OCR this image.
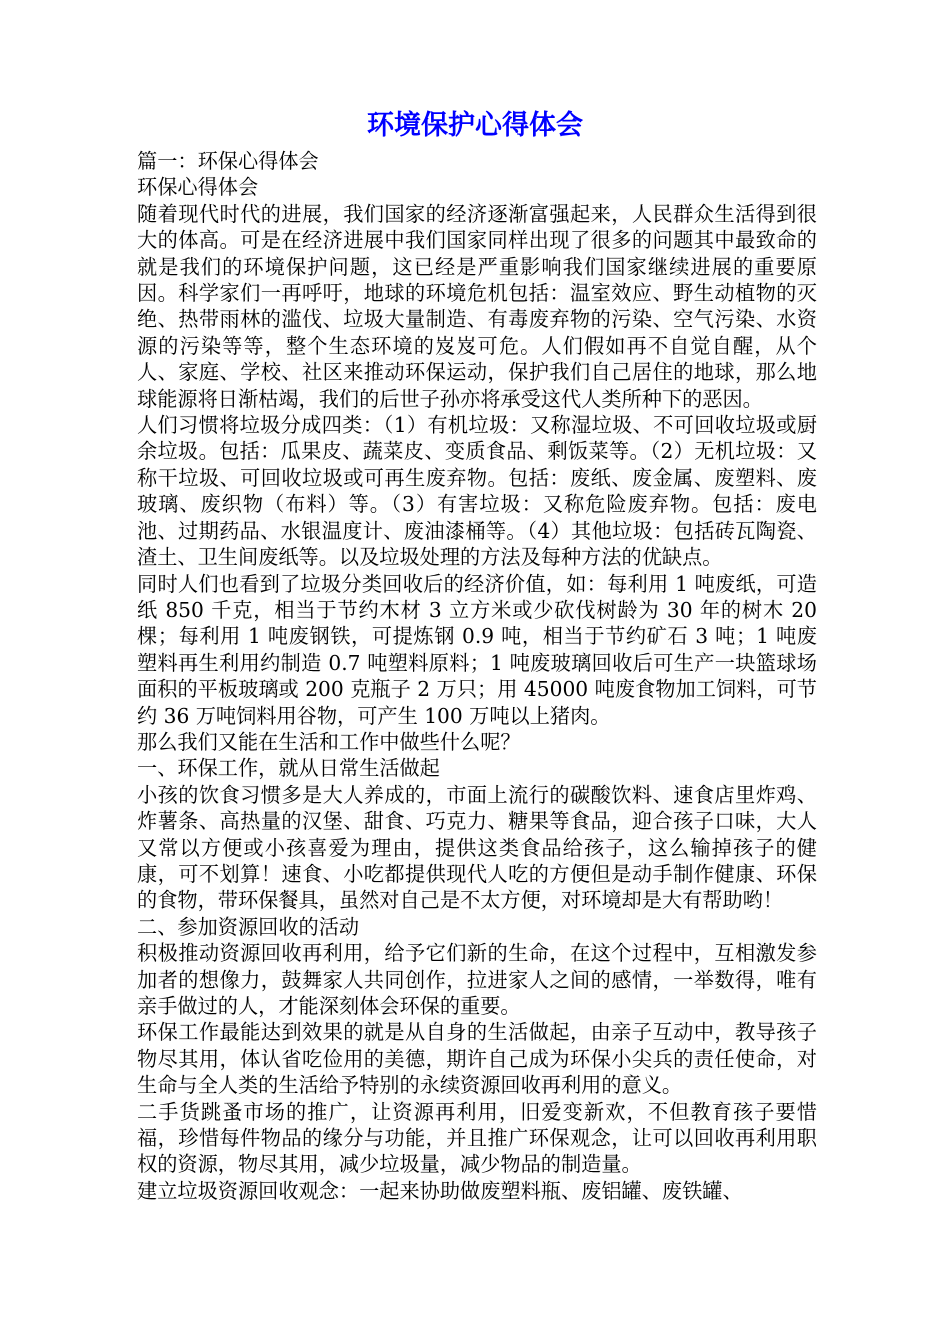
环境保护心得体会

篇一：环保心得体会

环保心得体会

随着现代时代的进展，我们国家的经济逐渐富强起来，人民群众生活得到很大的体高。可是在经济进展中我们国家同样出现了很多的问题其中最致命的就是我们的环境保护问题，这已经是严重影响我们国家继续进展的重要原因。科学家们一再呼吁，地球的环境危机包括：温室效应、野生动植物的灭绝、热带雨林的滥伐、垃圾大量制造、有毒废弃物的污染、空气污染、水资源的污染等等，整个生态环境的岌岌可危。人们假如再不自觉自醒，从个人、家庭、学校、社区来推动环保运动，保护我们自己居住的地球，那么地球能源将日渐枯竭，我们的后世子孙亦将承受这代人类所种下的恶因。

人们习惯将垃圾分成四类：（1）有机垃圾：又称湿垃圾、不可回收垃圾或厨余垃圾。包括：瓜果皮、蔬菜皮、变质食品、剩饭菜等。（2）无机垃圾：又称干垃圾、可回收垃圾或可再生废弃物。包括：废纸、废金属、废塑料、废玻璃、废织物（布料）等。（3）有害垃圾：又称危险废弃物。包括：废电池、过期药品、水银温度计、废油漆桶等。（4）其他垃圾：包括砖瓦陶瓷、渣土、卫生间废纸等。以及垃圾处理的方法及每种方法的优缺点。

同时人们也看到了垃圾分类回收后的经济价值，如：每利用 1 吨废纸，可造纸 850 千克，相当于节约木材 3 立方米或少砍伐树龄为 30 年的树木 20 棵；每利用 1 吨废钢铁，可提炼钢 0.9 吨，相当于节约矿石 3 吨；1 吨废塑料再生利用约制造 0.7 吨塑料原料；1 吨废玻璃回收后可生产一块篮球场面积的平板玻璃或 200 克瓶子 2 万只；用 45000 吨废食物加工饲料，可节约 36 万吨饲料用谷物，可产生 100 万吨以上猪肉。

那么我们又能在生活和工作中做些什么呢？

一、环保工作，就从日常生活做起

小孩的饮食习惯多是大人养成的，市面上流行的碳酸饮料、速食店里炸鸡、炸薯条、高热量的汉堡、甜食、巧克力、糖果等食品，迎合孩子口味，大人又常以方便或小孩喜爱为理由，提供这类食品给孩子，这么输掉孩子的健康，可不划算！速食、小吃都提供现代人吃的方便但是动手制作健康、环保的食物，带环保餐具，虽然对自己是不太方便，对环境却是大有帮助哟！

二、参加资源回收的活动

积极推动资源回收再利用，给予它们新的生命，在这个过程中，互相激发参加者的想像力，鼓舞家人共同创作，拉进家人之间的感情，一举数得，唯有亲手做过的人，才能深刻体会环保的重要。

环保工作最能达到效果的就是从自身的生活做起，由亲子互动中，教导孩子物尽其用，体认省吃俭用的美德，期许自己成为环保小尖兵的责任使命，对生命与全人类的生活给予特别的永续资源回收再利用的意义。

二手货跳蚤市场的推广，让资源再利用，旧爱变新欢，不但教育孩子要惜福，珍惜每件物品的缘分与功能，并且推广环保观念，让可以回收再利用职权的资源，物尽其用，减少垃圾量，减少物品的制造量。

建立垃圾资源回收观念：一起来协助做废塑料瓶、废铝罐、废铁罐、
